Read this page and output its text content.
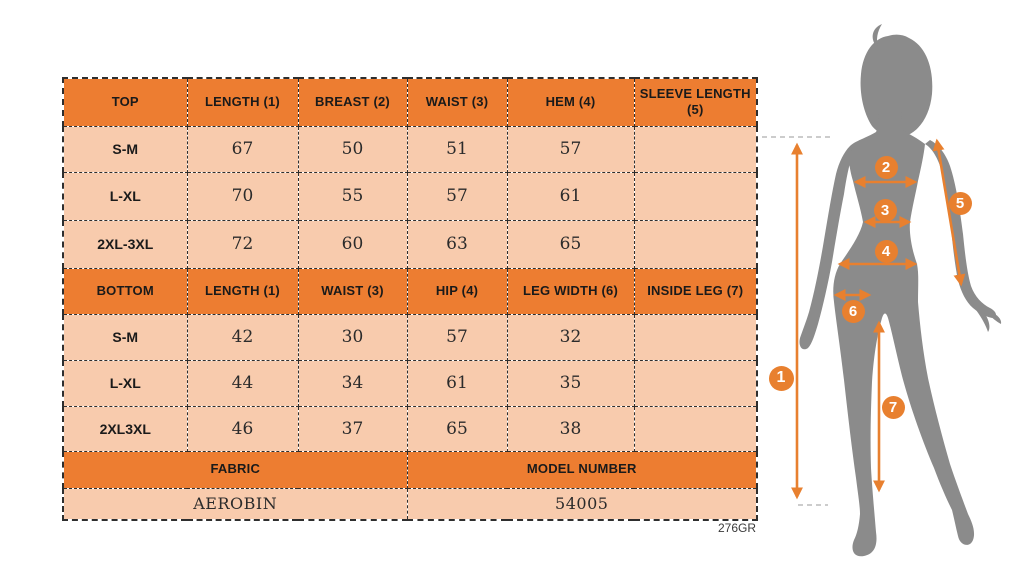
TOP	LENGTH (1)	BREAST (2)	WAIST (3)	HEM (4)	SLEEVE LENGTH (5)
S-M	67	50	51	57	
L-XL	70	55	57	61	
2XL-3XL	72	60	63	65	
BOTTOM	LENGTH (1)	WAIST (3)	HIP (4)	LEG WIDTH (6)	INSIDE LEG (7)
S-M	42	30	57	32	
L-XL	44	34	61	35	
2XL3XL	46	37	65	38	
FABRIC			MODEL NUMBER		
AEROBIN			54005		
276GR
1
2
3
4
5
6
7
